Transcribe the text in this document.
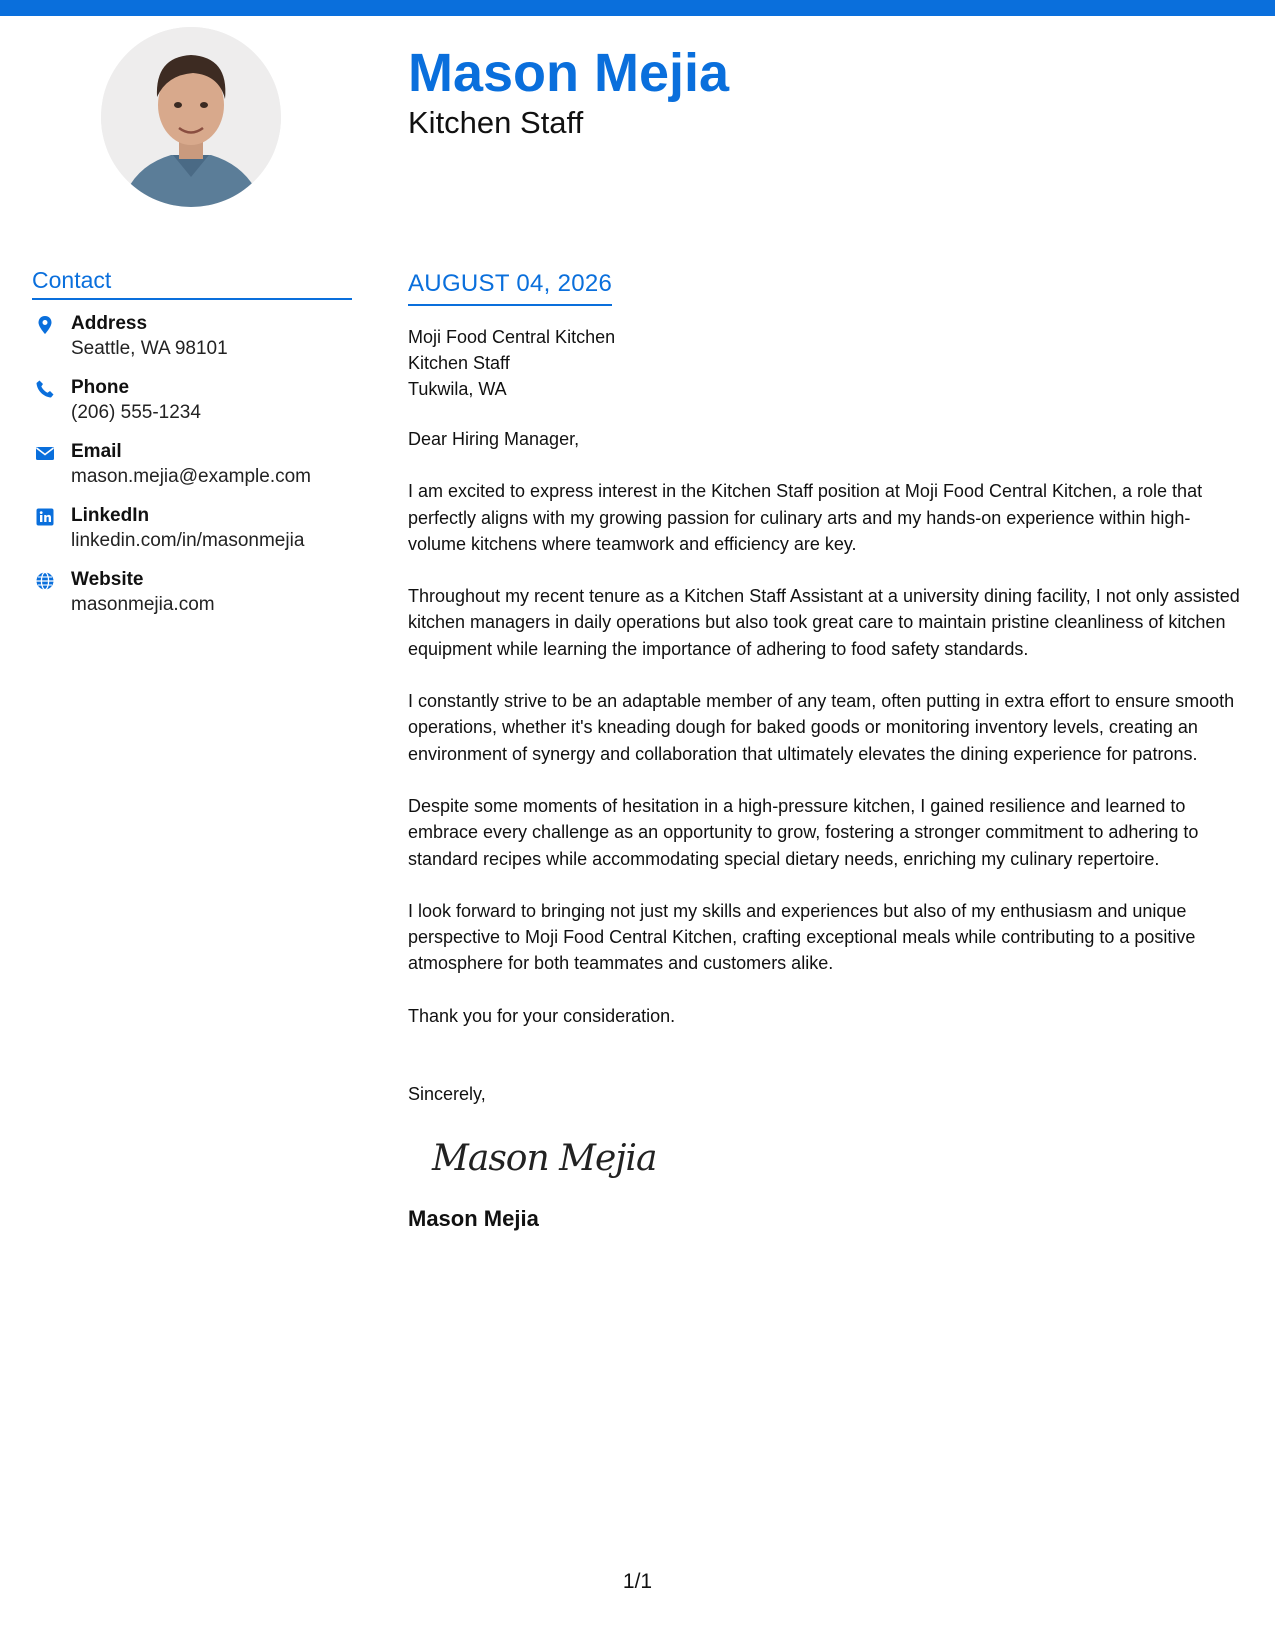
Mason Mejia
Kitchen Staff
Contact
Address
Seattle, WA 98101
Phone
(206) 555-1234
Email
mason.mejia@example.com
LinkedIn
linkedin.com/in/masonmejia
Website
masonmejia.com
AUGUST 04, 2026
Moji Food Central Kitchen
Kitchen Staff
Tukwila, WA

Dear Hiring Manager,

I am excited to express interest in the Kitchen Staff position at Moji Food Central Kitchen, a role that perfectly aligns with my growing passion for culinary arts and my hands-on experience within high-volume kitchens where teamwork and efficiency are key.

Throughout my recent tenure as a Kitchen Staff Assistant at a university dining facility, I not only assisted kitchen managers in daily operations but also took great care to maintain pristine cleanliness of kitchen equipment while learning the importance of adhering to food safety standards.

I constantly strive to be an adaptable member of any team, often putting in extra effort to ensure smooth operations, whether it's kneading dough for baked goods or monitoring inventory levels, creating an environment of synergy and collaboration that ultimately elevates the dining experience for patrons.

Despite some moments of hesitation in a high-pressure kitchen, I gained resilience and learned to embrace every challenge as an opportunity to grow, fostering a stronger commitment to adhering to standard recipes while accommodating special dietary needs, enriching my culinary repertoire.

I look forward to bringing not just my skills and experiences but also of my enthusiasm and unique perspective to Moji Food Central Kitchen, crafting exceptional meals while contributing to a positive atmosphere for both teammates and customers alike.

Thank you for your consideration.

Sincerely,
Mason Mejia
Mason Mejia
1/1
